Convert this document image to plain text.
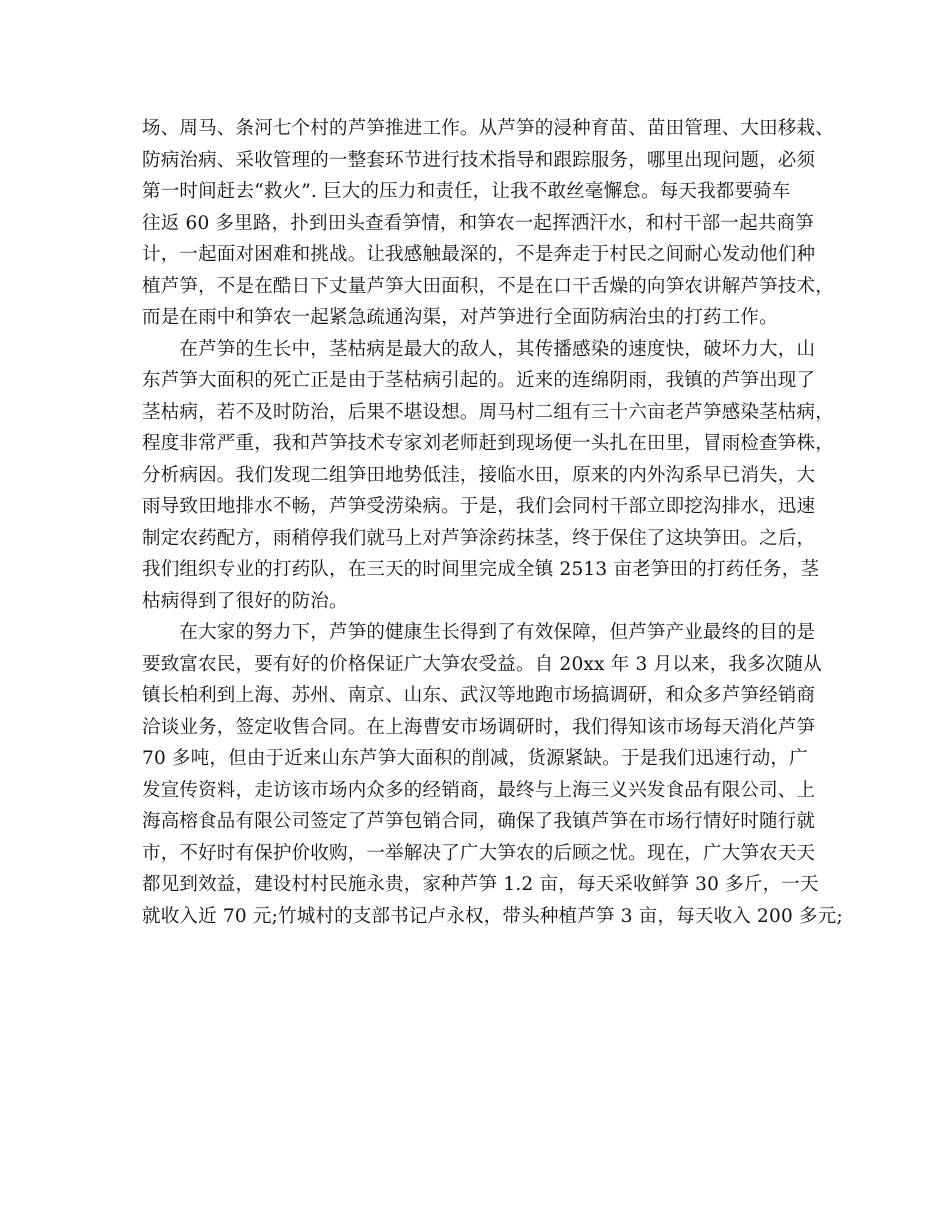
场、周马、条河七个村的芦笋推进工作。从芦笋的浸种育苗、苗田管理、大田移栽、
防病治病、采收管理的一整套环节进行技术指导和跟踪服务，哪里出现问题，必须
第一时间赶去“救火”. 巨大的压力和责任，让我不敢丝毫懈怠。每天我都要骑车
往返 60 多里路，扑到田头查看笋情，和笋农一起挥洒汗水，和村干部一起共商笋
计，一起面对困难和挑战。让我感触最深的，不是奔走于村民之间耐心发动他们种
植芦笋，不是在酷日下丈量芦笋大田面积，不是在口干舌燥的向笋农讲解芦笋技术，
而是在雨中和笋农一起紧急疏通沟渠，对芦笋进行全面防病治虫的打药工作。
　　在芦笋的生长中，茎枯病是最大的敌人，其传播感染的速度快，破坏力大，山
东芦笋大面积的死亡正是由于茎枯病引起的。近来的连绵阴雨，我镇的芦笋出现了
茎枯病，若不及时防治，后果不堪设想。周马村二组有三十六亩老芦笋感染茎枯病，
程度非常严重，我和芦笋技术专家刘老师赶到现场便一头扎在田里，冒雨检查笋株，
分析病因。我们发现二组笋田地势低洼，接临水田，原来的内外沟系早已消失，大
雨导致田地排水不畅，芦笋受涝染病。于是，我们会同村干部立即挖沟排水，迅速
制定农药配方，雨稍停我们就马上对芦笋涂药抹茎，终于保住了这块笋田。之后，
我们组织专业的打药队，在三天的时间里完成全镇 2513 亩老笋田的打药任务，茎
枯病得到了很好的防治。
　　在大家的努力下，芦笋的健康生长得到了有效保障，但芦笋产业最终的目的是
要致富农民，要有好的价格保证广大笋农受益。自 20xx 年 3 月以来，我多次随从
镇长柏利到上海、苏州、南京、山东、武汉等地跑市场搞调研，和众多芦笋经销商
洽谈业务，签定收售合同。在上海曹安市场调研时，我们得知该市场每天消化芦笋
70 多吨，但由于近来山东芦笋大面积的削减，货源紧缺。于是我们迅速行动，广
发宣传资料，走访该市场内众多的经销商，最终与上海三义兴发食品有限公司、上
海高榕食品有限公司签定了芦笋包销合同，确保了我镇芦笋在市场行情好时随行就
市，不好时有保护价收购，一举解决了广大笋农的后顾之忧。现在，广大笋农天天
都见到效益，建设村村民施永贵，家种芦笋 1.2 亩，每天采收鲜笋 30 多斤，一天
就收入近 70 元;竹城村的支部书记卢永权，带头种植芦笋 3 亩，每天收入 200 多元;
